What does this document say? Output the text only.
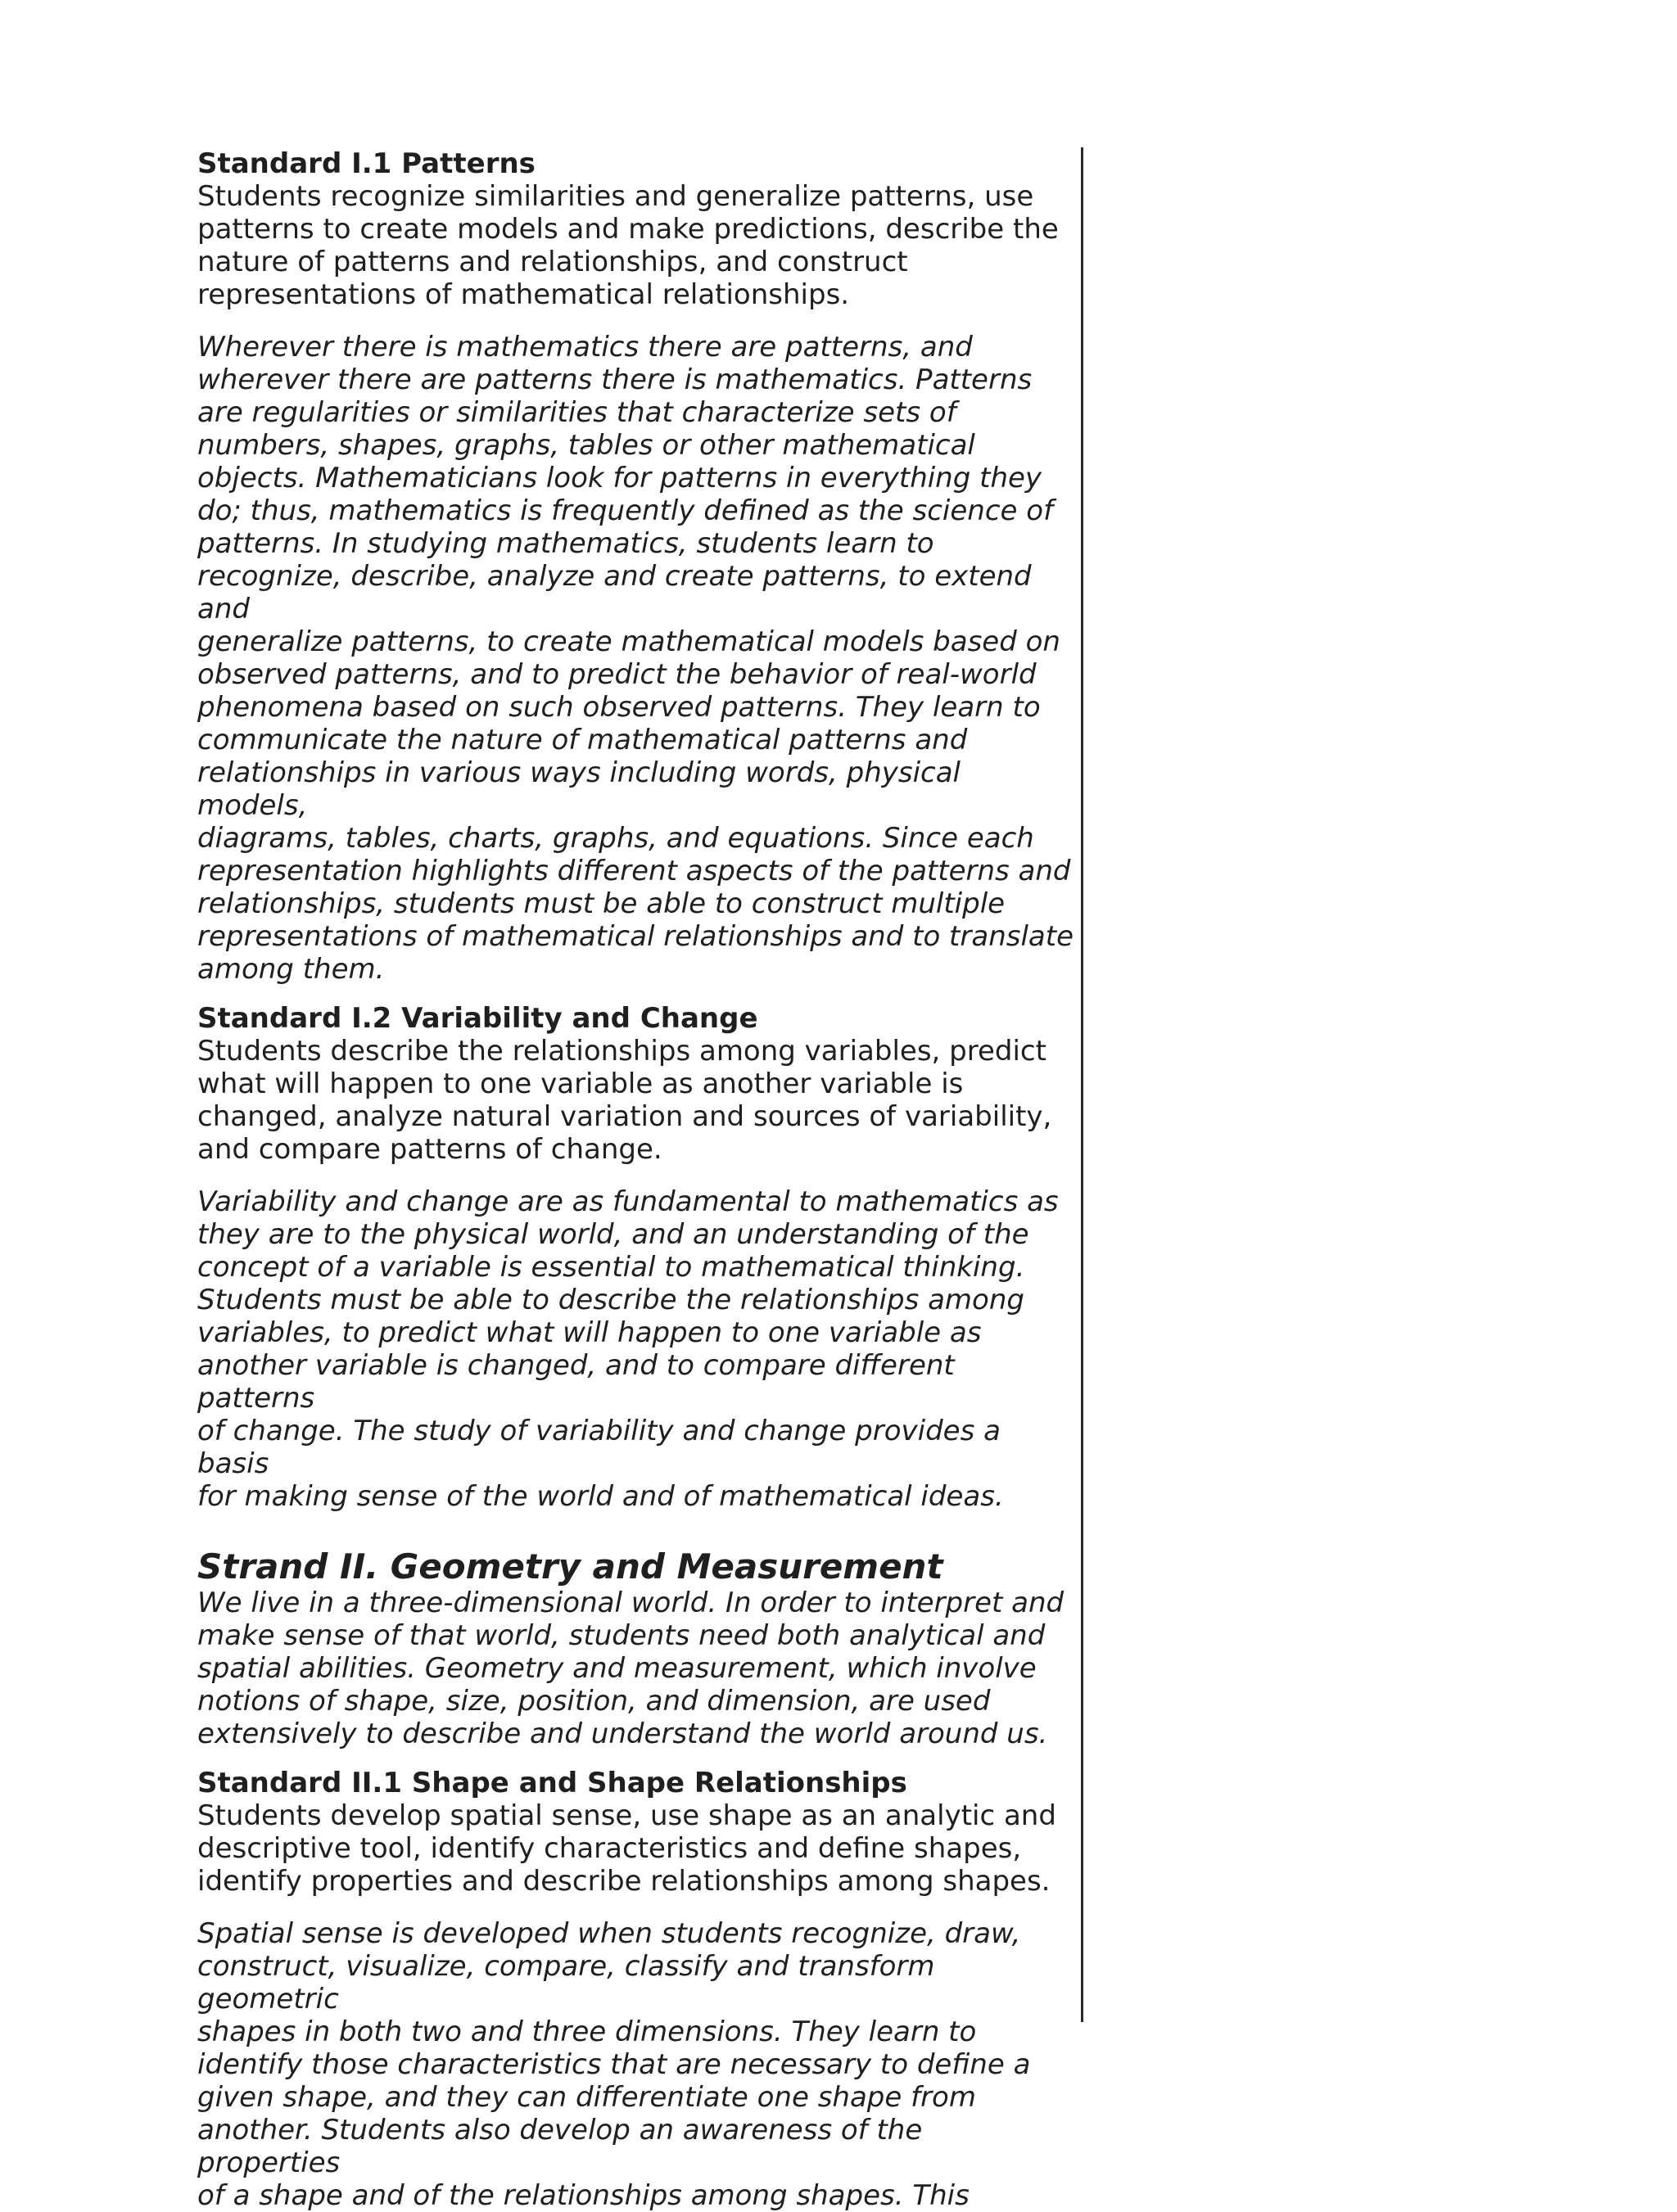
Standard I.1 Patterns

Students recognize similarities and generalize patterns, use
patterns to create models and make predictions, describe the
nature of patterns and relationships, and construct
representations of mathematical relationships.

Wherever there is mathematics there are patterns, and
wherever there are patterns there is mathematics. Patterns
are regularities or similarities that characterize sets of
numbers, shapes, graphs, tables or other mathematical
objects. Mathematicians look for patterns in everything they
do; thus, mathematics is frequently defined as the science of
patterns. In studying mathematics, students learn to
recognize, describe, analyze and create patterns, to extend and
generalize patterns, to create mathematical models based on
observed patterns, and to predict the behavior of real-world
phenomena based on such observed patterns. They learn to
communicate the nature of mathematical patterns and
relationships in various ways including words, physical models,
diagrams, tables, charts, graphs, and equations. Since each
representation highlights different aspects of the patterns and
relationships, students must be able to construct multiple
representations of mathematical relationships and to translate
among them.

Standard I.2 Variability and Change

Students describe the relationships among variables, predict
what will happen to one variable as another variable is
changed, analyze natural variation and sources of variability,
and compare patterns of change.

Variability and change are as fundamental to mathematics as
they are to the physical world, and an understanding of the
concept of a variable is essential to mathematical thinking.
Students must be able to describe the relationships among
variables, to predict what will happen to one variable as
another variable is changed, and to compare different patterns
of change. The study of variability and change provides a basis
for making sense of the world and of mathematical ideas.

Strand II. Geometry and Measurement

We live in a three-dimensional world. In order to interpret and
make sense of that world, students need both analytical and
spatial abilities. Geometry and measurement, which involve
notions of shape, size, position, and dimension, are used
extensively to describe and understand the world around us.

Standard II.1 Shape and Shape Relationships

Students develop spatial sense, use shape as an analytic and
descriptive tool, identify characteristics and define shapes,
identify properties and describe relationships among shapes.

Spatial sense is developed when students recognize, draw,
construct, visualize, compare, classify and transform geometric
shapes in both two and three dimensions. They learn to
identify those characteristics that are necessary to define a
given shape, and they can differentiate one shape from
another. Students also develop an awareness of the properties
of a shape and of the relationships among shapes. This
